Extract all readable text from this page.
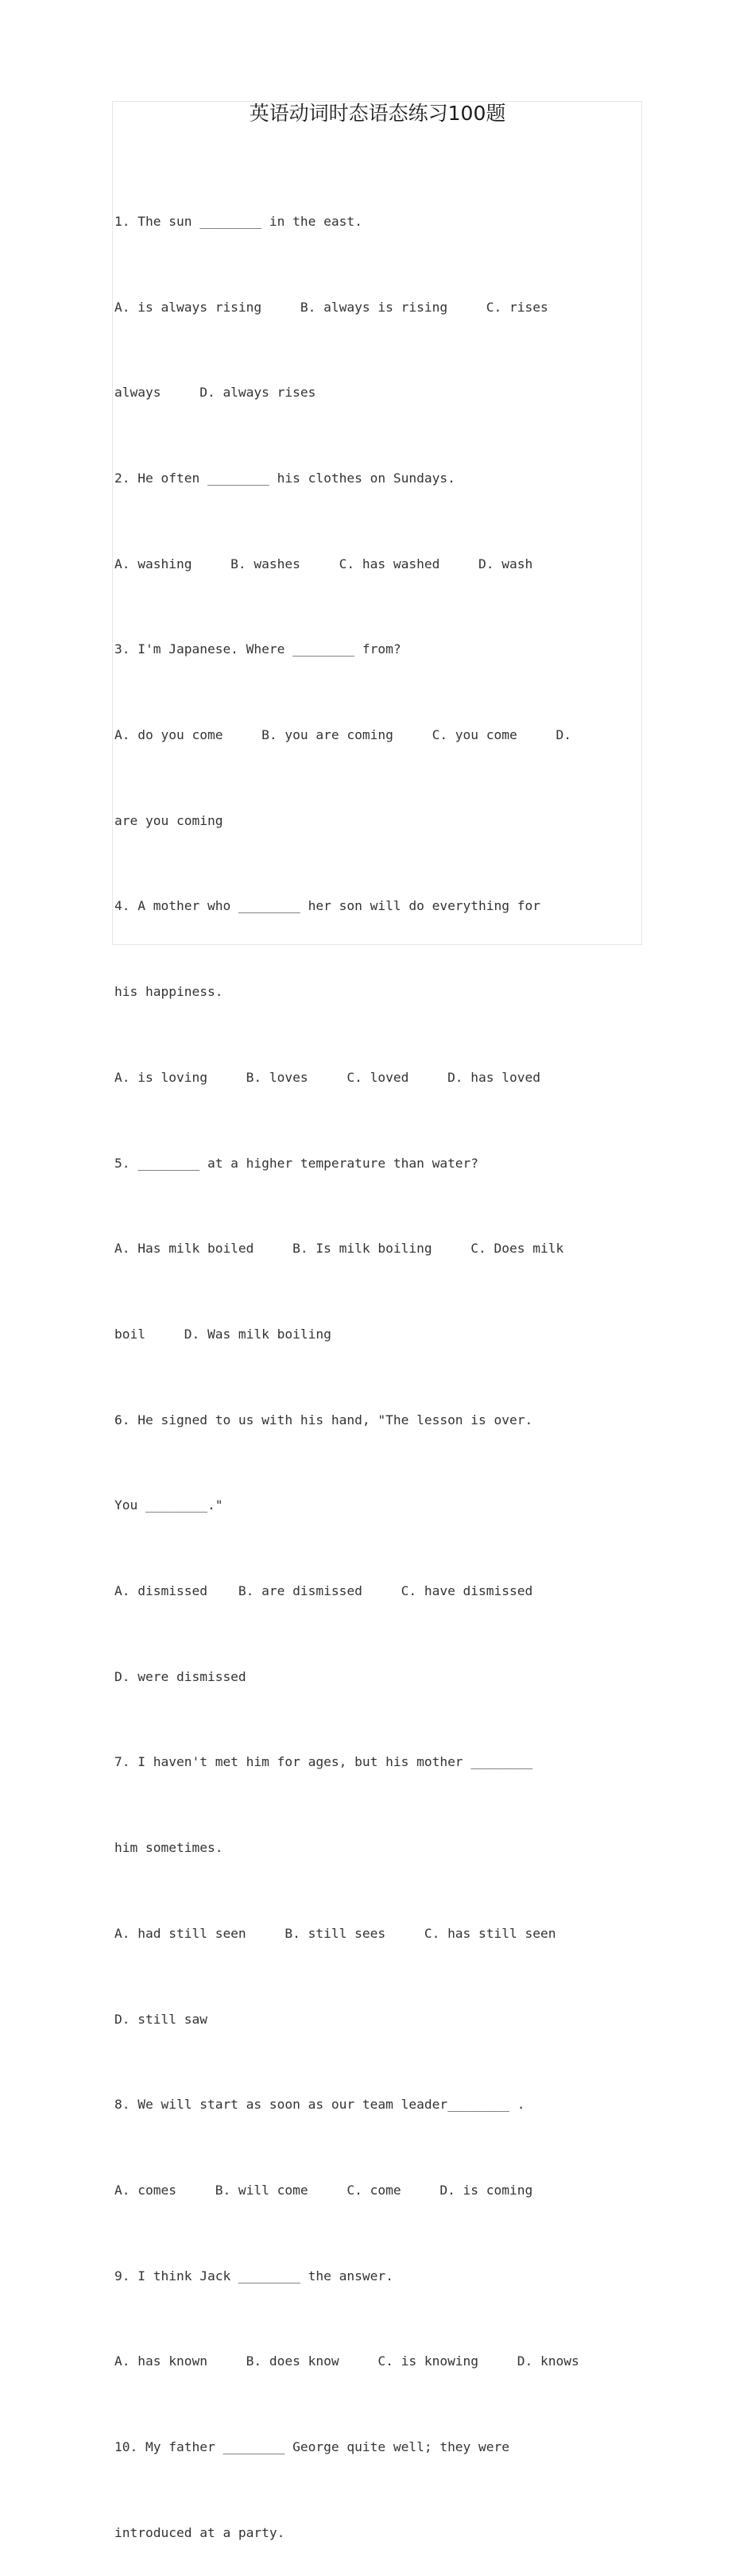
英语动词时态语态练习100题

1. The sun ________ in the east.

A. is always rising     B. always is rising     C. rises

always     D. always rises

2. He often ________ his clothes on Sundays.

A. washing     B. washes     C. has washed     D. wash

3. I'm Japanese. Where ________ from?

A. do you come     B. you are coming     C. you come     D.

are you coming

4. A mother who ________ her son will do everything for

his happiness.

A. is loving     B. loves     C. loved     D. has loved

5. ________ at a higher temperature than water?

A. Has milk boiled     B. Is milk boiling     C. Does milk

boil     D. Was milk boiling

6. He signed to us with his hand, "The lesson is over.

You ________."

A. dismissed    B. are dismissed     C. have dismissed

D. were dismissed

7. I haven't met him for ages, but his mother ________

him sometimes.

A. had still seen     B. still sees     C. has still seen

D. still saw

8. We will start as soon as our team leader________ .

A. comes     B. will come     C. come     D. is coming

9. I think Jack ________ the answer.

A. has known     B. does know     C. is knowing     D. knows

10. My father ________ George quite well; they were

introduced at a party.
